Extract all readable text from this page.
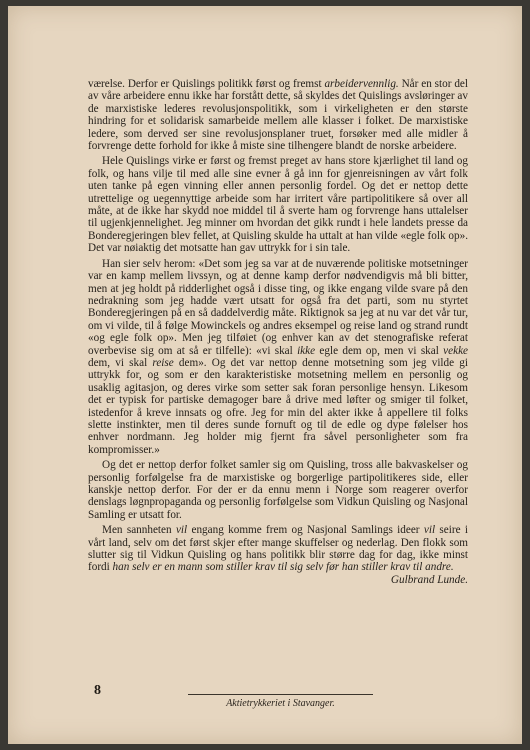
værelse. Derfor er Quislings politikk først og fremst arbeidervennlig. Når en stor del av våre arbeidere ennu ikke har forstått dette, så skyldes det Quislings avsløringer av de marxistiske lederes revolusjonspolitikk, som i virkeligheten er den største hindring for et solidarisk samarbeide mellem alle klasser i folket. De marxistiske ledere, som derved ser sine revolusjonsplaner truet, forsøker med alle midler å forvrenge dette forhold for ikke å miste sine tilhengere blandt de norske arbeidere.

Hele Quislings virke er først og fremst preget av hans store kjærlighet til land og folk, og hans vilje til med alle sine evner å gå inn for gjenreisningen av vårt folk uten tanke på egen vinning eller annen personlig fordel. Og det er nettop dette utrettelige og uegennyttige arbeide som har irritert våre partipolitikere så over all måte, at de ikke har skydd noe middel til å sverte ham og forvrenge hans uttalelser til ugjenkjennelighet. Jeg minner om hvordan det gikk rundt i hele landets presse da Bonderegjeringen blev fellet, at Quisling skulde ha uttalt at han vilde «egle folk op». Det var nøiaktig det motsatte han gav uttrykk for i sin tale.

Han sier selv herom: «Det som jeg sa var at de nuværende politiske motsetninger var en kamp mellem livssyn, og at denne kamp derfor nødvendigvis må bli bitter, men at jeg holdt på ridderlighet også i disse ting, og ikke engang vilde svare på den nedrakning som jeg hadde vært utsatt for også fra det parti, som nu styrtet Bonderegjeringen på en så daddelverdig måte. Riktignok sa jeg at nu var det vår tur, om vi vilde, til å følge Mowinckels og andres eksempel og reise land og strand rundt «og egle folk op». Men jeg tilføiet (og enhver kan av det stenografiske referat overbevise sig om at så er tilfelle): «vi skal ikke egle dem op, men vi skal vekke dem, vi skal reise dem». Og det var nettop denne motsetning som jeg vilde gi uttrykk for, og som er den karakteristiske motsetning mellem en personlig og usaklig agitasjon, og deres virke som setter sak foran personlige hensyn. Likesom det er typisk for partiske demagoger bare å drive med løfter og smiger til folket, istedenfor å kreve innsats og ofre. Jeg for min del akter ikke å appellere til folks slette instinkter, men til deres sunde fornuft og til de edle og dype følelser hos enhver nordmann. Jeg holder mig fjernt fra såvel personligheter som fra kompromisser.»

Og det er nettop derfor folket samler sig om Quisling, tross alle bakvaskelser og personlig forfølgelse fra de marxistiske og borgerlige partipolitikeres side, eller kanskje nettop derfor. For der er da ennu menn i Norge som reagerer overfor denslags løgnpropaganda og personlig forfølgelse som Vidkun Quisling og Nasjonal Samling er utsatt for.

Men sannheten vil engang komme frem og Nasjonal Samlings ideer vil seire i vårt land, selv om det først skjer efter mange skuffelser og nederlag. Den flokk som slutter sig til Vidkun Quisling og hans politikk blir større dag for dag, ikke minst fordi han selv er en mann som stiller krav til sig selv før han stiller krav til andre.
Gulbrand Lunde.

8
Aktietrykkeriet i Stavanger.
